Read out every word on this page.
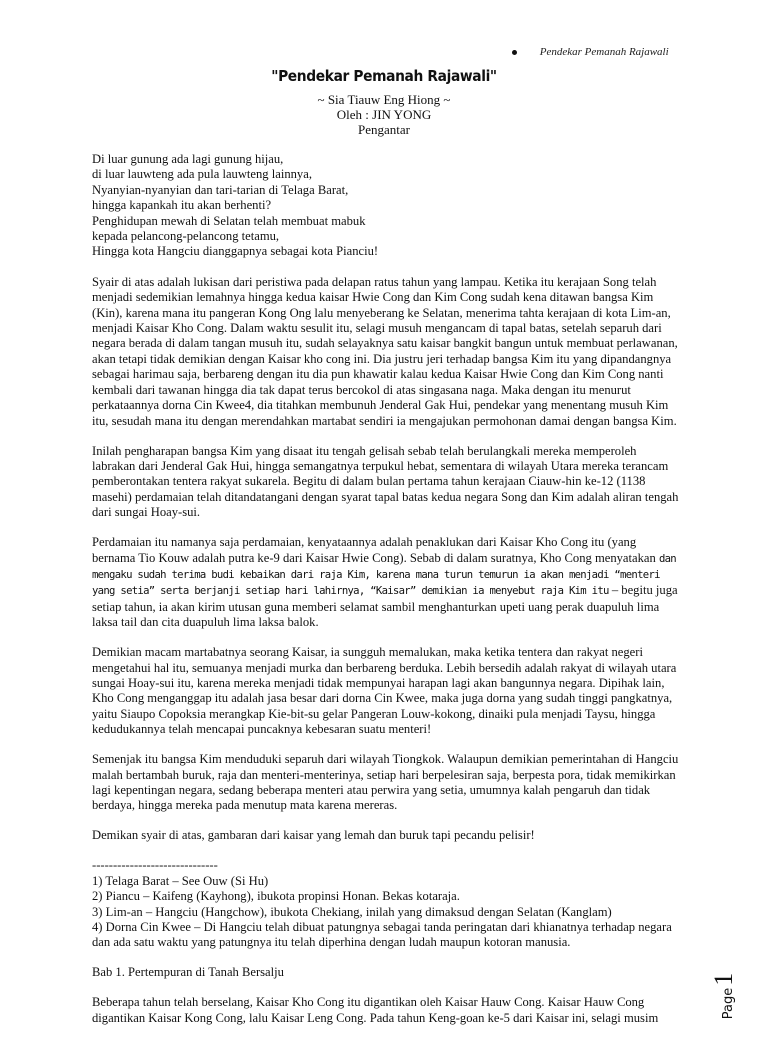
Pendekar Pemanah Rajawali
"Pendekar Pemanah Rajawali"
~ Sia Tiauw Eng Hiong ~
Oleh : JIN YONG
Pengantar
Di luar gunung ada lagi gunung hijau,
di luar lauwteng ada pula lauwteng lainnya,
Nyanyian-nyanyian dan tari-tarian di Telaga Barat,
hingga kapankah itu akan berhenti?
Penghidupan mewah di Selatan telah membuat mabuk
kepada pelancong-pelancong tetamu,
Hingga kota Hangciu dianggapnya sebagai kota Pianciu!

Syair di atas adalah lukisan dari peristiwa pada delapan ratus tahun yang lampau. Ketika itu kerajaan Song telah menjadi sedemikian lemahnya hingga kedua kaisar Hwie Cong dan Kim Cong sudah kena ditawan bangsa Kim (Kin), karena mana itu pangeran Kong Ong lalu menyeberang ke Selatan, menerima tahta kerajaan di kota Lim-an, menjadi Kaisar Kho Cong. Dalam waktu sesulit itu, selagi musuh mengancam di tapal batas, setelah separuh dari negara berada di dalam tangan musuh itu, sudah selayaknya satu kaisar bangkit bangun untuk membuat perlawanan, akan tetapi tidak demikian dengan Kaisar kho cong ini. Dia justru jeri terhadap bangsa Kim itu yang dipandangnya sebagai harimau saja, berbareng dengan itu dia pun khawatir kalau kedua Kaisar Hwie Cong dan Kim Cong nanti kembali dari tawanan hingga dia tak dapat terus bercokol di atas singasana naga. Maka dengan itu menurut perkataannya dorna Cin Kwee4, dia titahkan membunuh Jenderal Gak Hui, pendekar yang menentang musuh Kim itu, sesudah mana itu dengan merendahkan martabat sendiri ia mengajukan permohonan damai dengan bangsa Kim.

Inilah pengharapan bangsa Kim yang disaat itu tengah gelisah sebab telah berulangkali mereka memperoleh labrakan dari Jenderal Gak Hui, hingga semangatnya terpukul hebat, sementara di wilayah Utara mereka terancam pemberontakan tentera rakyat sukarela. Begitu di dalam bulan pertama tahun kerajaan Ciauw-hin ke-12 (1138 masehi) perdamaian telah ditandatangani dengan syarat tapal batas kedua negara Song dan Kim adalah aliran tengah dari sungai Hoay-sui.

Perdamaian itu namanya saja perdamaian, kenyataannya adalah penaklukan dari Kaisar Kho Cong itu (yang bernama Tio Kouw adalah putra ke-9 dari Kaisar Hwie Cong). Sebab di dalam suratnya, Kho Cong menyatakan dan mengaku sudah terima budi kebaikan dari raja Kim, karena mana turun temurun ia akan menjadi “menteri yang setia” serta berjanji setiap hari lahirnya, “Kaisar” demikian ia menyebut raja Kim itu – begitu juga setiap tahun, ia akan kirim utusan guna memberi selamat sambil menghanturkan upeti uang perak duapuluh lima laksa tail dan cita duapuluh lima laksa balok.

Demikian macam martabatnya seorang Kaisar, ia sungguh memalukan, maka ketika tentera dan rakyat negeri mengetahui hal itu, semuanya menjadi murka dan berbareng berduka. Lebih bersedih adalah rakyat di wilayah utara sungai Hoay-sui itu, karena mereka menjadi tidak mempunyai harapan lagi akan bangunnya negara. Dipihak lain, Kho Cong menganggap itu adalah jasa besar dari dorna Cin Kwee, maka juga dorna yang sudah tinggi pangkatnya, yaitu Siaupo Copoksia merangkap Kie-bit-su gelar Pangeran Louw-kokong, dinaiki pula menjadi Taysu, hingga kedudukannya telah mencapai puncaknya kebesaran suatu menteri!

Semenjak itu bangsa Kim menduduki separuh dari wilayah Tiongkok. Walaupun demikian pemerintahan di Hangciu malah bertambah buruk, raja dan menteri-menterinya, setiap hari berpelesiran saja, berpesta pora, tidak memikirkan lagi kepentingan negara, sedang beberapa menteri atau perwira yang setia, umumnya kalah pengaruh dan tidak berdaya, hingga mereka pada menutup mata karena mereras.

Demikan syair di atas, gambaran dari kaisar yang lemah dan buruk tapi pecandu pelisir!

------------------------------
1) Telaga Barat – See Ouw (Si Hu)
2) Piancu – Kaifeng (Kayhong), ibukota propinsi Honan. Bekas kotaraja.
3) Lim-an – Hangciu (Hangchow), ibukota Chekiang, inilah yang dimaksud dengan Selatan (Kanglam)
4) Dorna Cin Kwee – Di Hangciu telah dibuat patungnya sebagai tanda peringatan dari khianatnya terhadap negara dan ada satu waktu yang patungnya itu telah diperhina dengan ludah maupun kotoran manusia.
Bab 1. Pertempuran di Tanah Bersalju

Beberapa tahun telah berselang, Kaisar Kho Cong itu digantikan oleh Kaisar Hauw Cong. Kaisar Hauw Cong digantikan Kaisar Kong Cong, lalu Kaisar Leng Cong. Pada tahun Keng-goan ke-5 dari Kaisar ini, selagi musim	Page
1
